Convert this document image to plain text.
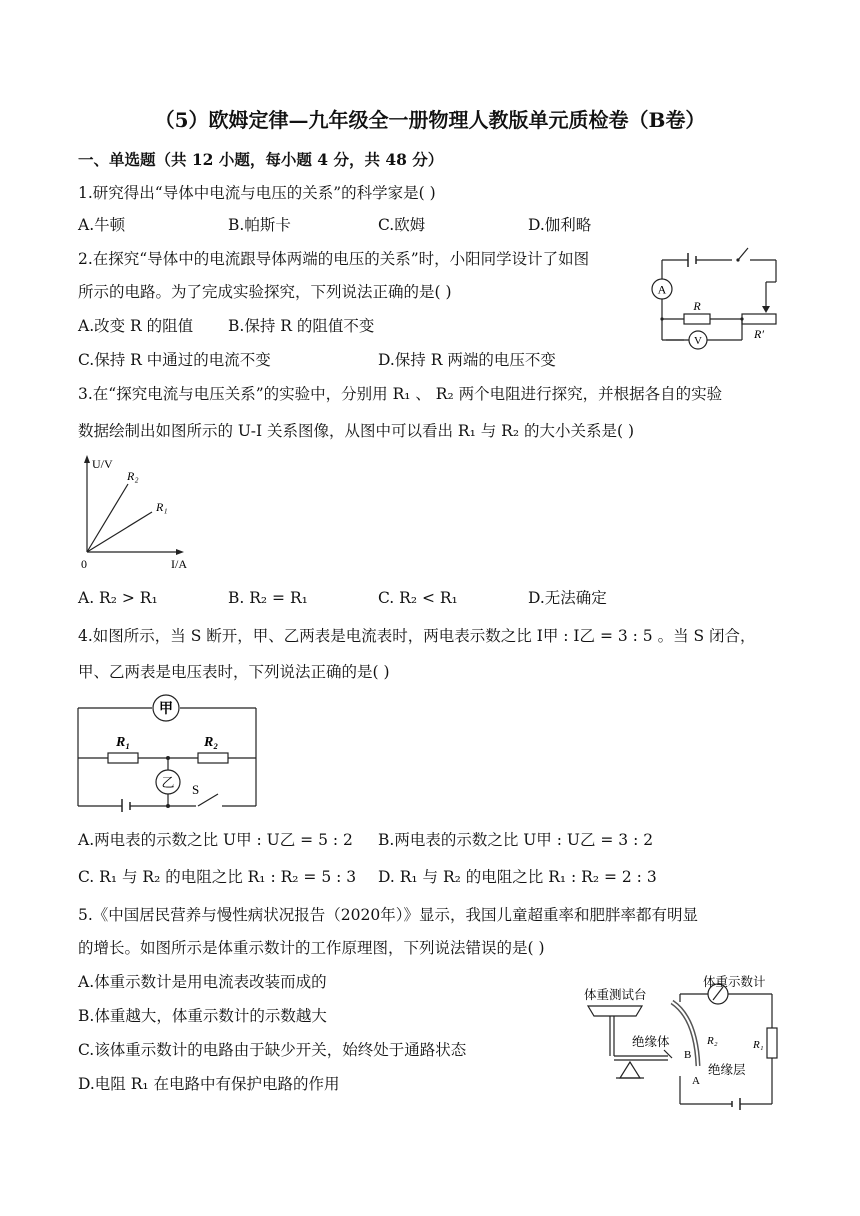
（5）欧姆定律—九年级全一册物理人教版单元质检卷（B卷）
一、单选题（共 12 小题，每小题 4 分，共 48 分）
1.研究得出“导体中电流与电压的关系”的科学家是( )
A.牛顿	B.帕斯卡	C.欧姆	D.伽利略
2.在探究“导体中的电流跟导体两端的电压的关系”时，小阳同学设计了如图
所示的电路。为了完成实验探究，下列说法正确的是( )
A.改变 R 的阻值 B.保持 R 的阻值不变
C.保持 R 中通过的电流不变	D.保持 R 两端的电压不变
A
V
R
R′
3.在“探究电流与电压关系”的实验中，分别用 R₁ 、 R₂ 两个电阻进行探究，并根据各自的实验
数据绘制出如图所示的 U-I 关系图像，从图中可以看出 R₁ 与 R₂ 的大小关系是( )
U/V
I/A
0
R₂
R₁
A. R₂ > R₁	B. R₂ = R₁	C. R₂ < R₁	D.无法确定
4.如图所示，当 S 断开，甲、乙两表是电流表时，两电表示数之比 I甲 : I乙 = 3 : 5 。当 S 闭合，
甲、乙两表是电压表时，下列说法正确的是( )
甲
乙
R₁	R₂
S
A.两电表的示数之比 U甲 : U乙 = 5 : 2 B.两电表的示数之比 U甲 : U乙 = 3 : 2
C. R₁ 与 R₂ 的电阻之比 R₁ : R₂ = 5 : 3 D. R₁ 与 R₂ 的电阻之比 R₁ : R₂ = 2 : 3
5.《中国居民营养与慢性病状况报告（2020年）》显示，我国儿童超重率和肥胖率都有明显
的增长。如图所示是体重示数计的工作原理图，下列说法错误的是( )
A.体重示数计是用电流表改装而成的
B.体重越大，体重示数计的示数越大
C.该体重示数计的电路由于缺少开关，始终处于通路状态
D.电阻 R₁ 在电路中有保护电路的作用
体重测试台
体重示数计
绝缘体
绝缘层
R₂	R₁
B
A
